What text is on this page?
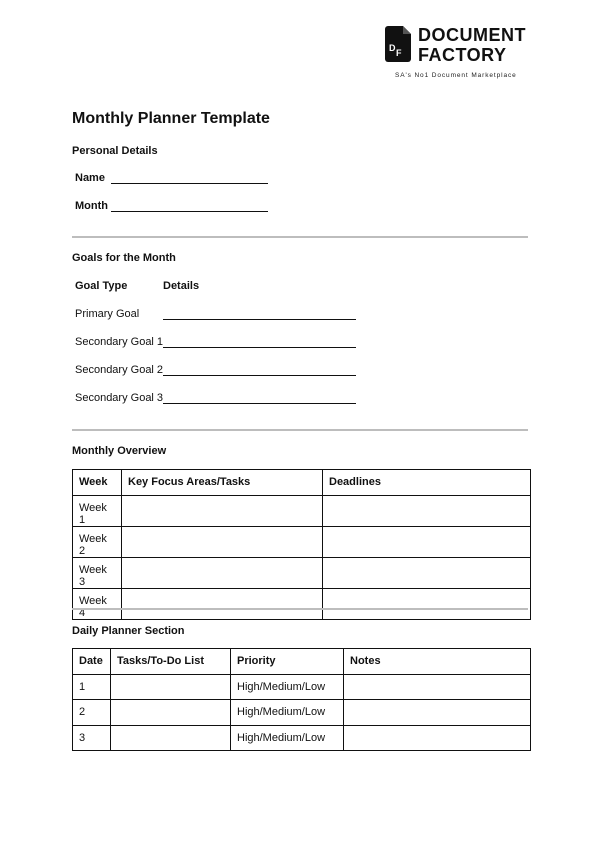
D F
DOCUMENT
FACTORY
SA's No1 Document Marketplace
Monthly Planner Template
Personal Details
Name
Month
Goals for the Month
Goal Type	Details
Primary Goal
Secondary Goal 1
Secondary Goal 2
Secondary Goal 3
Monthly Overview
Week	Key Focus Areas/Tasks	Deadlines
Week 1		
Week 2		
Week 3		
Week 4		
Daily Planner Section
Date	Tasks/To-Do List	Priority	Notes
1		High/Medium/Low	
2		High/Medium/Low	
3		High/Medium/Low	
